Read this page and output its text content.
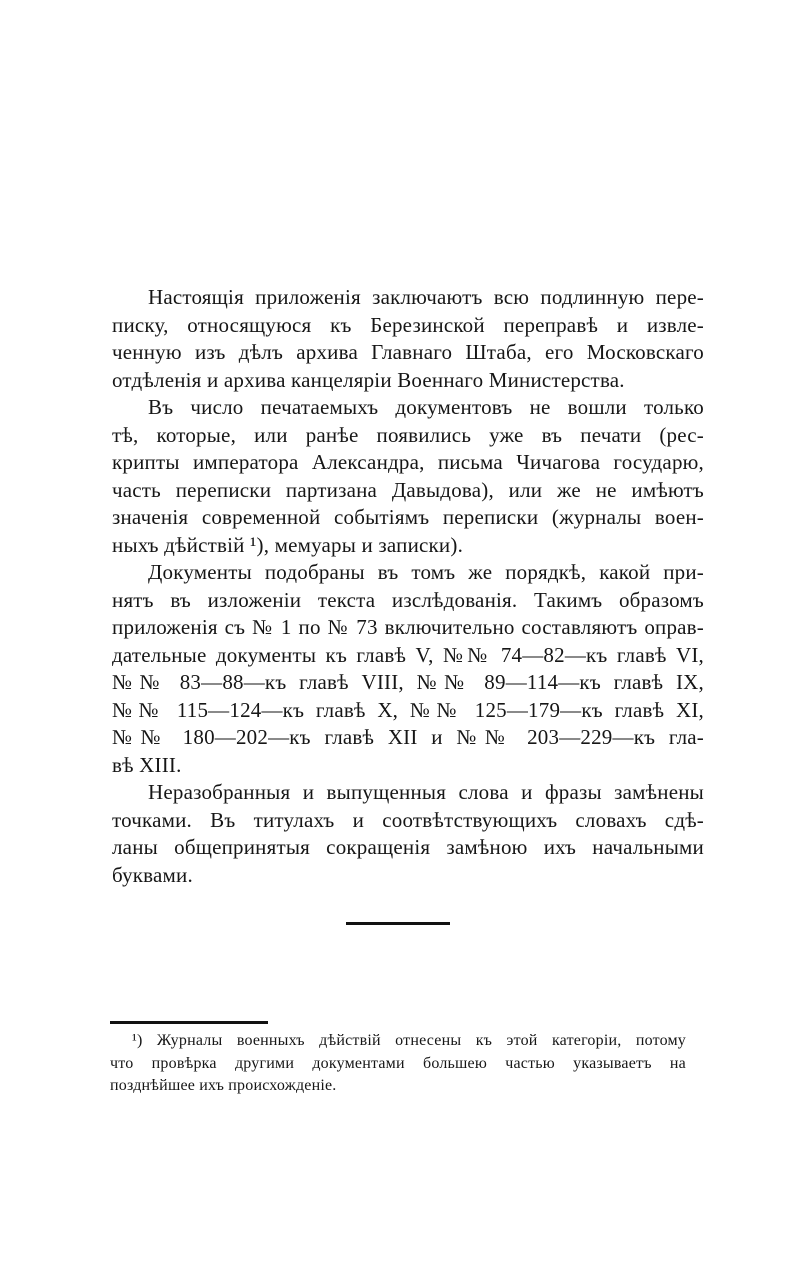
Настоящія приложенія заключаютъ всю подлинную пере-
писку, относящуюся къ Березинской переправѣ и извле-
ченную изъ дѣлъ архива Главнаго Штаба, его Московскаго
отдѣленія и архива канцеляріи Военнаго Министерства.
Въ число печатаемыхъ документовъ не вошли только
тѣ, которые, или ранѣе появились уже въ печати (рес-
крипты императора Александра, письма Чичагова государю,
часть переписки партизана Давыдова), или же не имѣютъ
значенія современной событіямъ переписки (журналы воен-
ныхъ дѣйствій ¹), мемуары и записки).
Документы подобраны въ томъ же порядкѣ, какой при-
нятъ въ изложеніи текста изслѣдованія. Такимъ образомъ
приложенія съ № 1 по № 73 включительно составляютъ оправ-
дательные документы къ главѣ V, №№ 74—82—къ главѣ VI,
№№ 83—88—къ главѣ VIII, №№ 89—114—къ главѣ IX,
№№ 115—124—къ главѣ X, №№ 125—179—къ главѣ XI,
№№ 180—202—къ главѣ XII и №№ 203—229—къ гла-
вѣ XIII.
Неразобранныя и выпущенныя слова и фразы замѣнены
точками. Въ титулахъ и соотвѣтствующихъ словахъ сдѣ-
ланы общепринятыя сокращенія замѣною ихъ начальными
буквами.
¹) Журналы военныхъ дѣйствій отнесены къ этой категоріи, потому
что провѣрка другими документами большею частью указываетъ на
позднѣйшее ихъ происхожденіе.
